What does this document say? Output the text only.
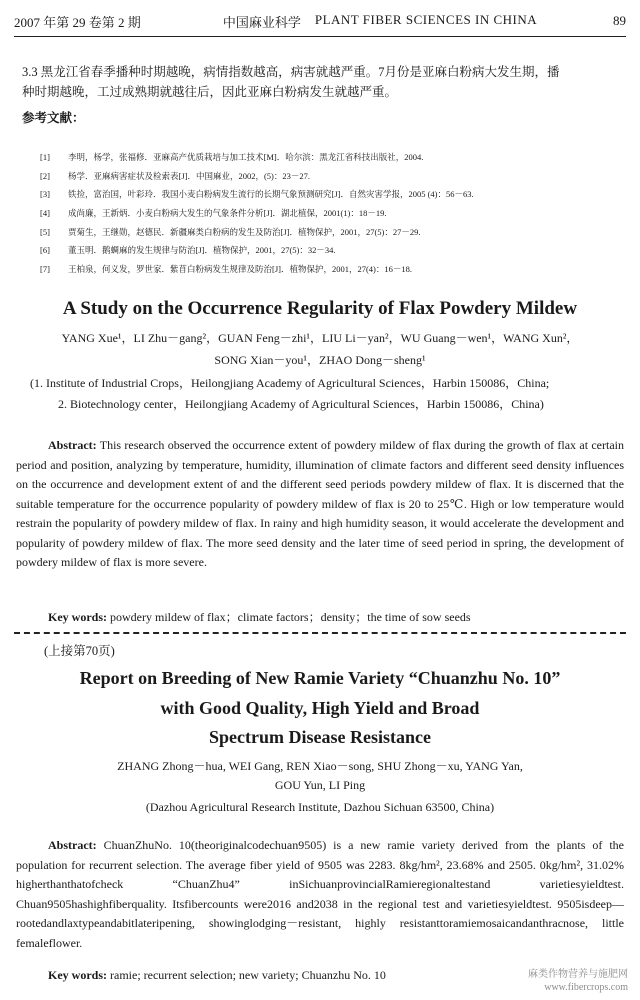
2007 年第 29 卷第 2 期	中国麻业科学 PLANT FIBER SCIENCES IN CHINA	89
3.3 黑龙江省春季播种时期越晚，病情指数越高，病害就越严重。7月份是亚麻白粉病大发生期，播
种时期越晚，工过成熟期就越往后，因此亚麻白粉病发生就越严重。
参考文献：
[1]	李明，杨学，张福修．亚麻高产优质栽培与加工技术[M]．哈尔滨：黑龙江省科技出版社，2004.
[2]	杨学．亚麻病害症状及检索表[J]．中国麻业，2002，(5)：23－27.
[3]	铁捡，富治国，叶彩玲．我国小麦白粉病发生流行的长期气象预测研究[J]．自然灾害学报，2005 (4)：56－63.
[4]	成尚廉，王新炳．小麦白粉病大发生的气象条件分析[J]．湖北植保，2001(1)：18－19.
[5]	贾菊生，王继勋，赵德民．新疆麻类白粉病的发生及防治[J]．植物保护，2001，27(5)：27－29.
[6]	董玉明．鹅蜩麻的发生规律与防治[J]．植物保护，2001，27(5)：32－34.
[7]	王柏泉，何义发，罗世家．紫苜白粉病发生规律及防治[J]．植物保护，2001，27(4)：16－18.
A Study on the Occurrence Regularity of Flax Powdery Mildew
YANG Xue¹，LI Zhu－gang²，GUAN Feng－zhi¹，LIU Li－yan²，WU Guang－wen¹，WANG Xun²，
SONG Xian－you¹，ZHAO Dong－sheng¹
(1. Institute of Industrial Crops，Heilongjiang Academy of Agricultural Sciences，Harbin 150086，China;
2. Biotechnology center，Heilongjiang Academy of Agricultural Sciences，Harbin 150086，China)
Abstract: This research observed the occurrence extent of powdery mildew of flax during the growth of flax at certain period and position, analyzing by temperature, humidity, illumination of climate factors and different seed density influences on the occurrence and development extent of and the different seed periods powdery mildew of flax. It is discerned that the suitable temperature for the occurrence popularity of powdery mildew of flax is 20 to 25℃. High or low temperature would restrain the popularity of powdery mildew of flax. In rainy and high humidity season, it would accelerate the development and popularity of powdery mildew of flax. The more seed density and the later time of seed period in spring, the development of powdery mildew of flax is more severe.
Key words: powdery mildew of flax；climate factors；density；the time of sow seeds
(上接第70页)
Report on Breeding of New Ramie Variety “Chuanzhu No. 10”
with Good Quality, High Yield and Broad
Spectrum Disease Resistance
ZHANG Zhong－hua, WEI Gang, REN Xiao－song, SHU Zhong－xu, YANG Yan,
GOU Yun, LI Ping
(Dazhou Agricultural Research Institute, Dazhou Sichuan 63500, China)
Abstract: ChuanZhuNo. 10(theoriginalcodechuan9505) is a new ramie variety derived from the plants of the population for recurrent selection. The average fiber yield of 9505 was 2283. 8kg/hm², 23.68% and 2505. 0kg/hm², 31.02% higherthanthatofcheck “ChuanZhu4” inSichuanprovincialRamieregionaltestand varietiesyieldtest. Chuan9505hashighfiberquality. Itsfibercounts were2016 and2038 in the regional test and varietiesyieldtest. 9505isdeep—rootedandlaxtypeandabitlateripening, showinglodging－resistant, highly resistanttoramiemosaicandanthracnose, little femaleflower.
Key words: ramie; recurrent selection; new variety; Chuanzhu No. 10	麻类作物营养与施肥网
www.fibercrops.com
